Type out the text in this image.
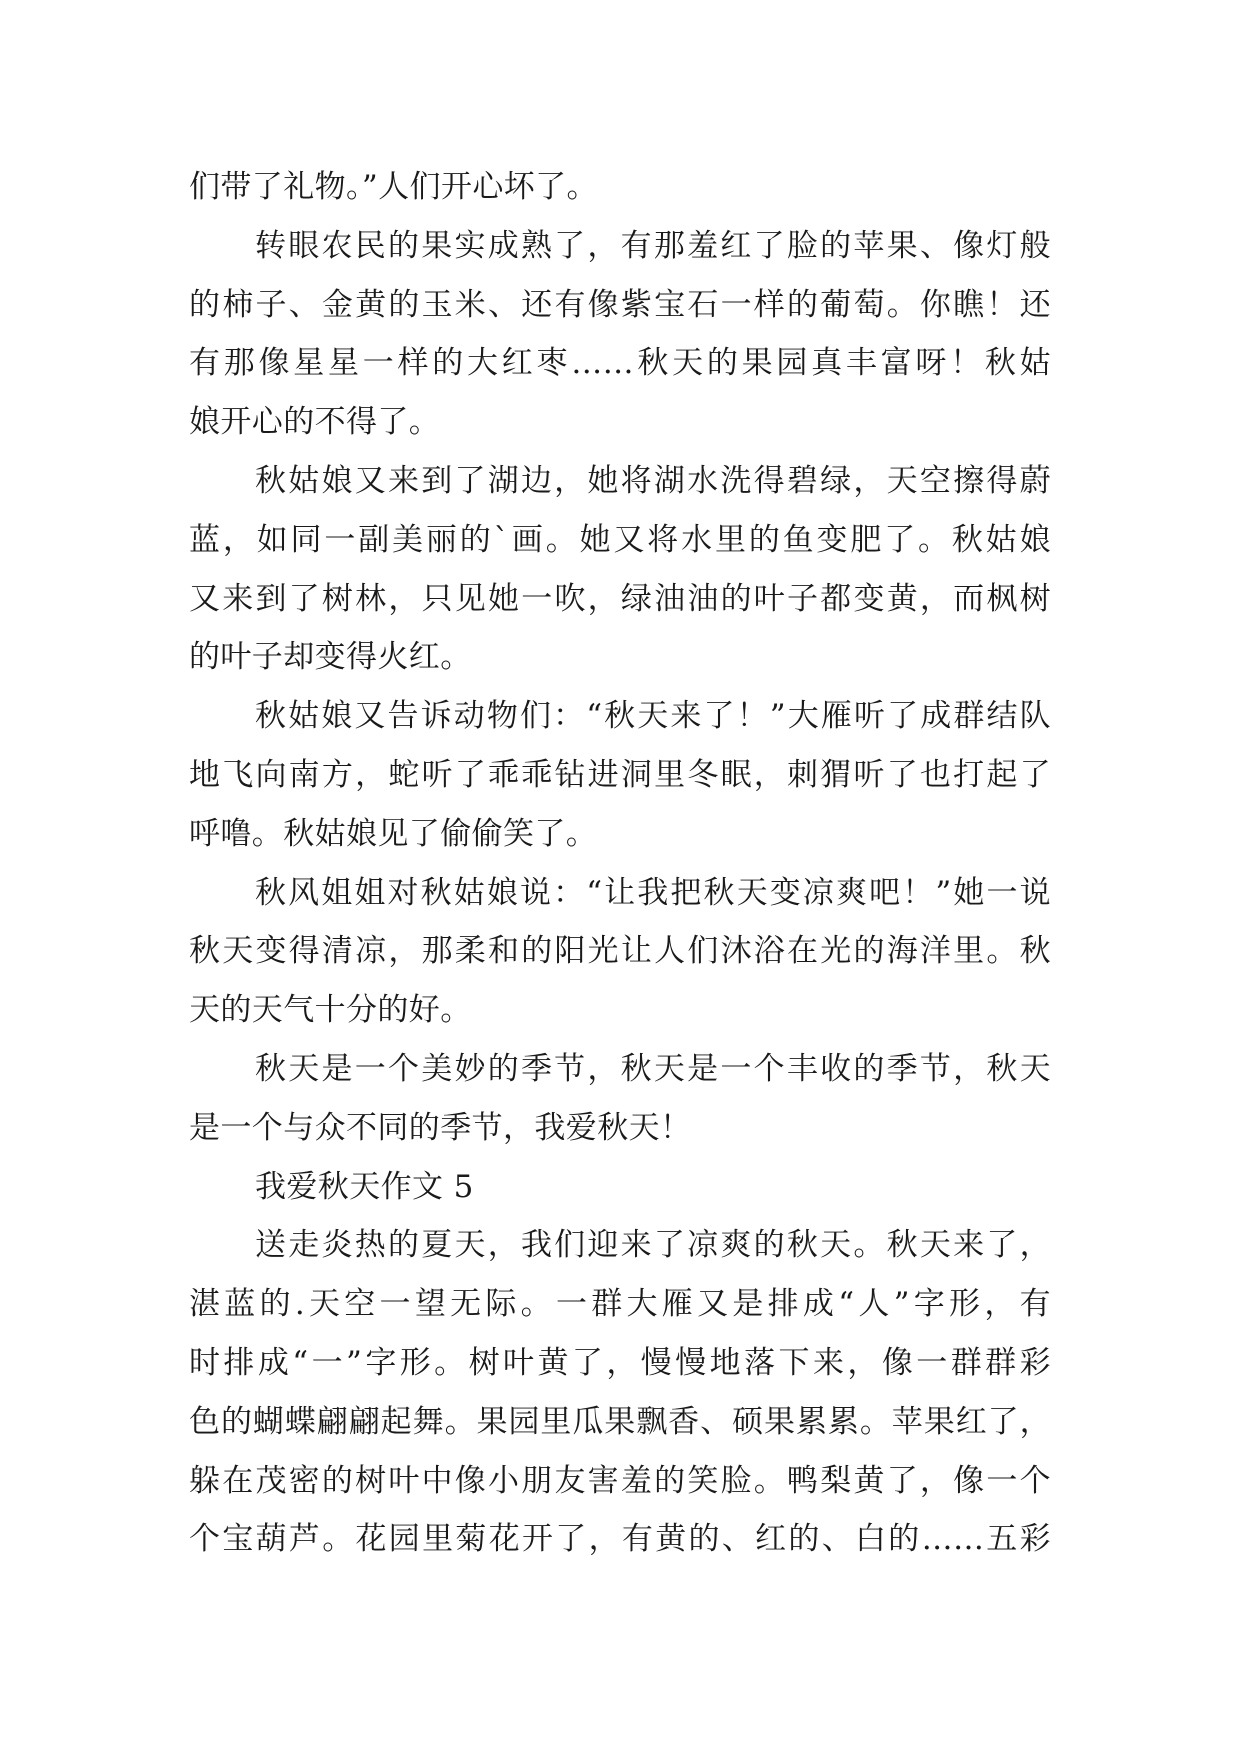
们带了礼物。”人们开心坏了。
转眼农民的果实成熟了，有那羞红了脸的苹果、像灯般
的柿子、金黄的玉米、还有像紫宝石一样的葡萄。你瞧！还
有那像星星一样的大红枣……秋天的果园真丰富呀！秋姑
娘开心的不得了。
秋姑娘又来到了湖边，她将湖水洗得碧绿，天空擦得蔚
蓝，如同一副美丽的`画。她又将水里的鱼变肥了。秋姑娘
又来到了树林，只见她一吹，绿油油的叶子都变黄，而枫树
的叶子却变得火红。
秋姑娘又告诉动物们：“秋天来了！”大雁听了成群结队
地飞向南方，蛇听了乖乖钻进洞里冬眠，刺猬听了也打起了
呼噜。秋姑娘见了偷偷笑了。
秋风姐姐对秋姑娘说：“让我把秋天变凉爽吧！”她一说
秋天变得清凉，那柔和的阳光让人们沐浴在光的海洋里。秋
天的天气十分的好。
秋天是一个美妙的季节，秋天是一个丰收的季节，秋天
是一个与众不同的季节，我爱秋天！
我爱秋天作文 5
送走炎热的夏天，我们迎来了凉爽的秋天。秋天来了，
湛蓝的.天空一望无际。一群大雁又是排成“人”字形，有
时排成“一”字形。树叶黄了，慢慢地落下来，像一群群彩
色的蝴蝶翩翩起舞。果园里瓜果飘香、硕果累累。苹果红了，
躲在茂密的树叶中像小朋友害羞的笑脸。鸭梨黄了，像一个
个宝葫芦。花园里菊花开了，有黄的、红的、白的……五彩
